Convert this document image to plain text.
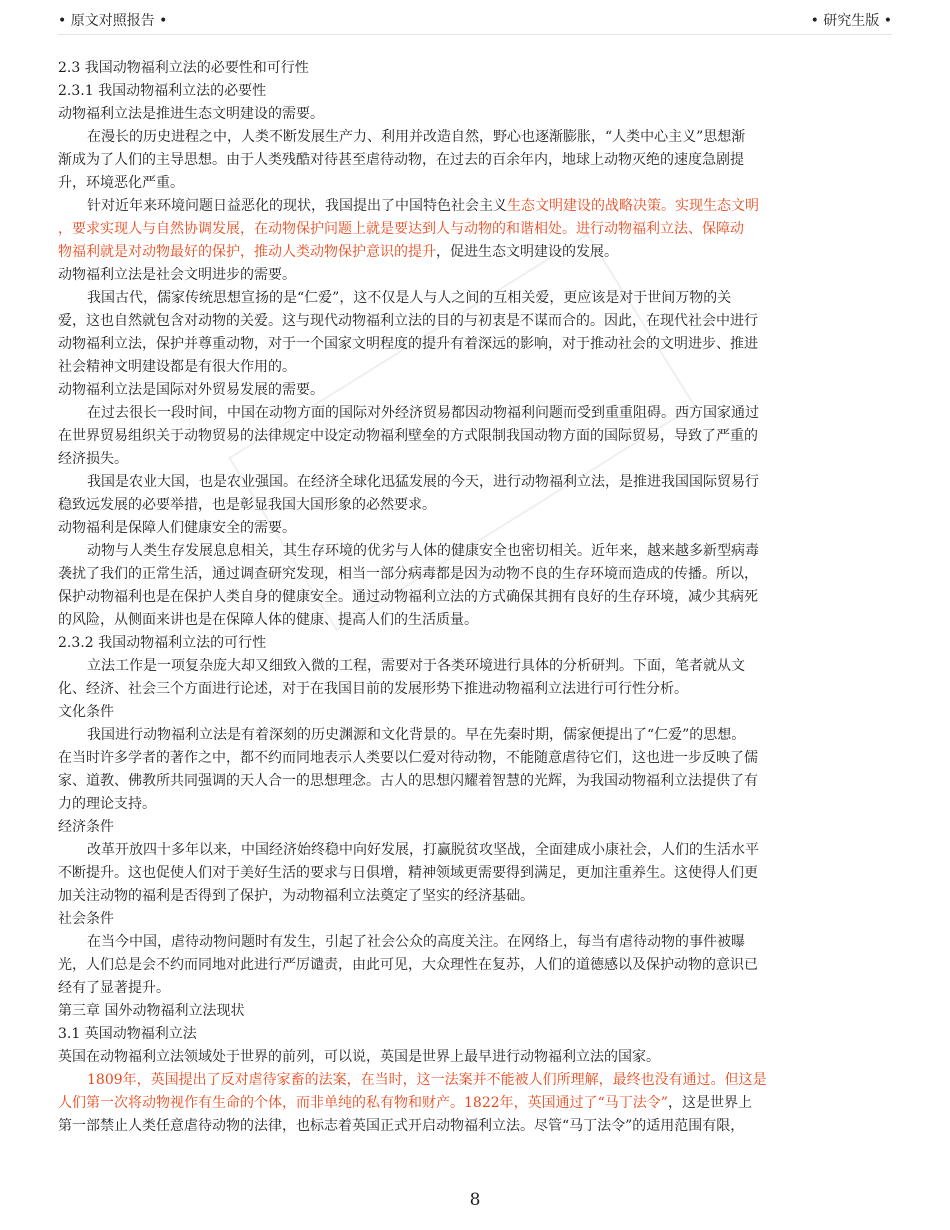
• 原文对照报告 •	• 研究生版 •

2.3 我国动物福利立法的必要性和可行性
2.3.1 我国动物福利立法的必要性
动物福利立法是推进生态文明建设的需要。
在漫长的历史进程之中，人类不断发展生产力、利用并改造自然，野心也逐渐膨胀，“人类中心主义”思想渐
渐成为了人们的主导思想。由于人类残酷对待甚至虐待动物，在过去的百余年内，地球上动物灭绝的速度急剧提
升，环境恶化严重。
针对近年来环境问题日益恶化的现状，我国提出了中国特色社会主义生态文明建设的战略决策。实现生态文明
，要求实现人与自然协调发展，在动物保护问题上就是要达到人与动物的和谐相处。进行动物福利立法、保障动
物福利就是对动物最好的保护，推动人类动物保护意识的提升，促进生态文明建设的发展。
动物福利立法是社会文明进步的需要。
我国古代，儒家传统思想宣扬的是“仁爱”，这不仅是人与人之间的互相关爱，更应该是对于世间万物的关
爱，这也自然就包含对动物的关爱。这与现代动物福利立法的目的与初衷是不谋而合的。因此，在现代社会中进行
动物福利立法，保护并尊重动物，对于一个国家文明程度的提升有着深远的影响，对于推动社会的文明进步、推进
社会精神文明建设都是有很大作用的。
动物福利立法是国际对外贸易发展的需要。
在过去很长一段时间，中国在动物方面的国际对外经济贸易都因动物福利问题而受到重重阻碍。西方国家通过
在世界贸易组织关于动物贸易的法律规定中设定动物福利壁垒的方式限制我国动物方面的国际贸易，导致了严重的
经济损失。
我国是农业大国，也是农业强国。在经济全球化迅猛发展的今天，进行动物福利立法，是推进我国国际贸易行
稳致远发展的必要举措，也是彰显我国大国形象的必然要求。
动物福利是保障人们健康安全的需要。
动物与人类生存发展息息相关，其生存环境的优劣与人体的健康安全也密切相关。近年来，越来越多新型病毒
袭扰了我们的正常生活，通过调查研究发现，相当一部分病毒都是因为动物不良的生存环境而造成的传播。所以，
保护动物福利也是在保护人类自身的健康安全。通过动物福利立法的方式确保其拥有良好的生存环境，减少其病死
的风险，从侧面来讲也是在保障人体的健康、提高人们的生活质量。
2.3.2 我国动物福利立法的可行性
立法工作是一项复杂庞大却又细致入微的工程，需要对于各类环境进行具体的分析研判。下面，笔者就从文
化、经济、社会三个方面进行论述，对于在我国目前的发展形势下推进动物福利立法进行可行性分析。
文化条件
我国进行动物福利立法是有着深刻的历史渊源和文化背景的。早在先秦时期，儒家便提出了“仁爱”的思想。
在当时许多学者的著作之中，都不约而同地表示人类要以仁爱对待动物，不能随意虐待它们，这也进一步反映了儒
家、道教、佛教所共同强调的天人合一的思想理念。古人的思想闪耀着智慧的光辉，为我国动物福利立法提供了有
力的理论支持。
经济条件
改革开放四十多年以来，中国经济始终稳中向好发展，打赢脱贫攻坚战，全面建成小康社会，人们的生活水平
不断提升。这也促使人们对于美好生活的要求与日俱增，精神领域更需要得到满足，更加注重养生。这使得人们更
加关注动物的福利是否得到了保护，为动物福利立法奠定了坚实的经济基础。
社会条件
在当今中国，虐待动物问题时有发生，引起了社会公众的高度关注。在网络上，每当有虐待动物的事件被曝
光，人们总是会不约而同地对此进行严厉谴责，由此可见，大众理性在复苏，人们的道德感以及保护动物的意识已
经有了显著提升。
第三章 国外动物福利立法现状
3.1 英国动物福利立法
英国在动物福利立法领域处于世界的前列，可以说，英国是世界上最早进行动物福利立法的国家。
1809年，英国提出了反对虐待家畜的法案，在当时，这一法案并不能被人们所理解，最终也没有通过。但这是
人们第一次将动物视作有生命的个体，而非单纯的私有物和财产。1822年，英国通过了“马丁法令”，这是世界上
第一部禁止人类任意虐待动物的法律，也标志着英国正式开启动物福利立法。尽管“马丁法令”的适用范围有限，
8
